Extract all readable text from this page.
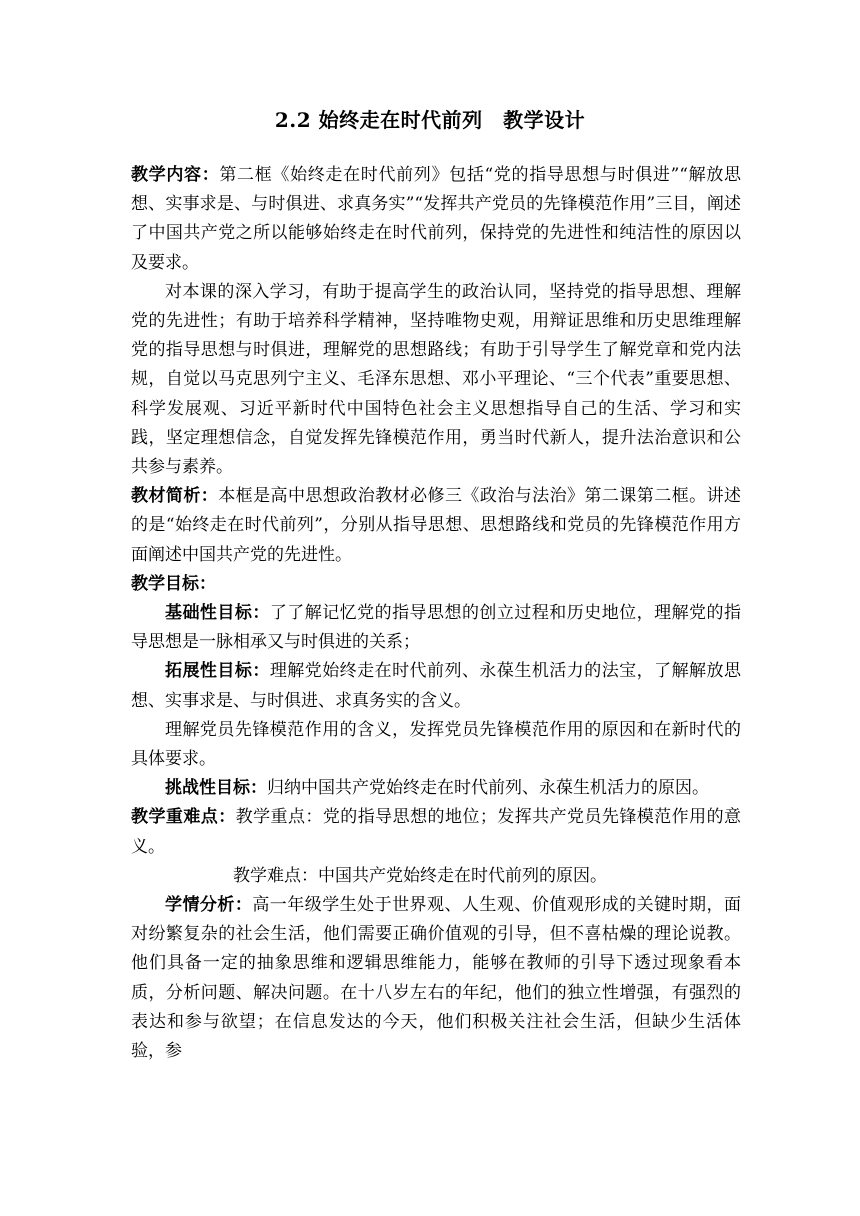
2.2 始终走在时代前列　教学设计

教学内容：第二框《始终走在时代前列》包括“党的指导思想与时俱进”“解放思想、实事求是、与时俱进、求真务实”“发挥共产党员的先锋模范作用”三目，阐述了中国共产党之所以能够始终走在时代前列，保持党的先进性和纯洁性的原因以及要求。

对本课的深入学习，有助于提高学生的政治认同，坚持党的指导思想、理解党的先进性；有助于培养科学精神，坚持唯物史观，用辩证思维和历史思维理解党的指导思想与时俱进，理解党的思想路线；有助于引导学生了解党章和党内法规，自觉以马克思列宁主义、毛泽东思想、邓小平理论、“三个代表”重要思想、科学发展观、习近平新时代中国特色社会主义思想指导自己的生活、学习和实践，坚定理想信念，自觉发挥先锋模范作用，勇当时代新人，提升法治意识和公共参与素养。

教材简析：本框是高中思想政治教材必修三《政治与法治》第二课第二框。讲述的是“始终走在时代前列”，分别从指导思想、思想路线和党员的先锋模范作用方面阐述中国共产党的先进性。

教学目标：

基础性目标：了了解记忆党的指导思想的创立过程和历史地位，理解党的指导思想是一脉相承又与时俱进的关系；

拓展性目标：理解党始终走在时代前列、永葆生机活力的法宝，了解解放思想、实事求是、与时俱进、求真务实的含义。

理解党员先锋模范作用的含义，发挥党员先锋模范作用的原因和在新时代的具体要求。

挑战性目标：归纳中国共产党始终走在时代前列、永葆生机活力的原因。

教学重难点：教学重点：党的指导思想的地位；发挥共产党员先锋模范作用的意义。

教学难点：中国共产党始终走在时代前列的原因。

学情分析：高一年级学生处于世界观、人生观、价值观形成的关键时期，面对纷繁复杂的社会生活，他们需要正确价值观的引导，但不喜枯燥的理论说教。他们具备一定的抽象思维和逻辑思维能力，能够在教师的引导下透过现象看本质，分析问题、解决问题。在十八岁左右的年纪，他们的独立性增强，有强烈的表达和参与欲望；在信息发达的今天，他们积极关注社会生活，但缺少生活体验，参
